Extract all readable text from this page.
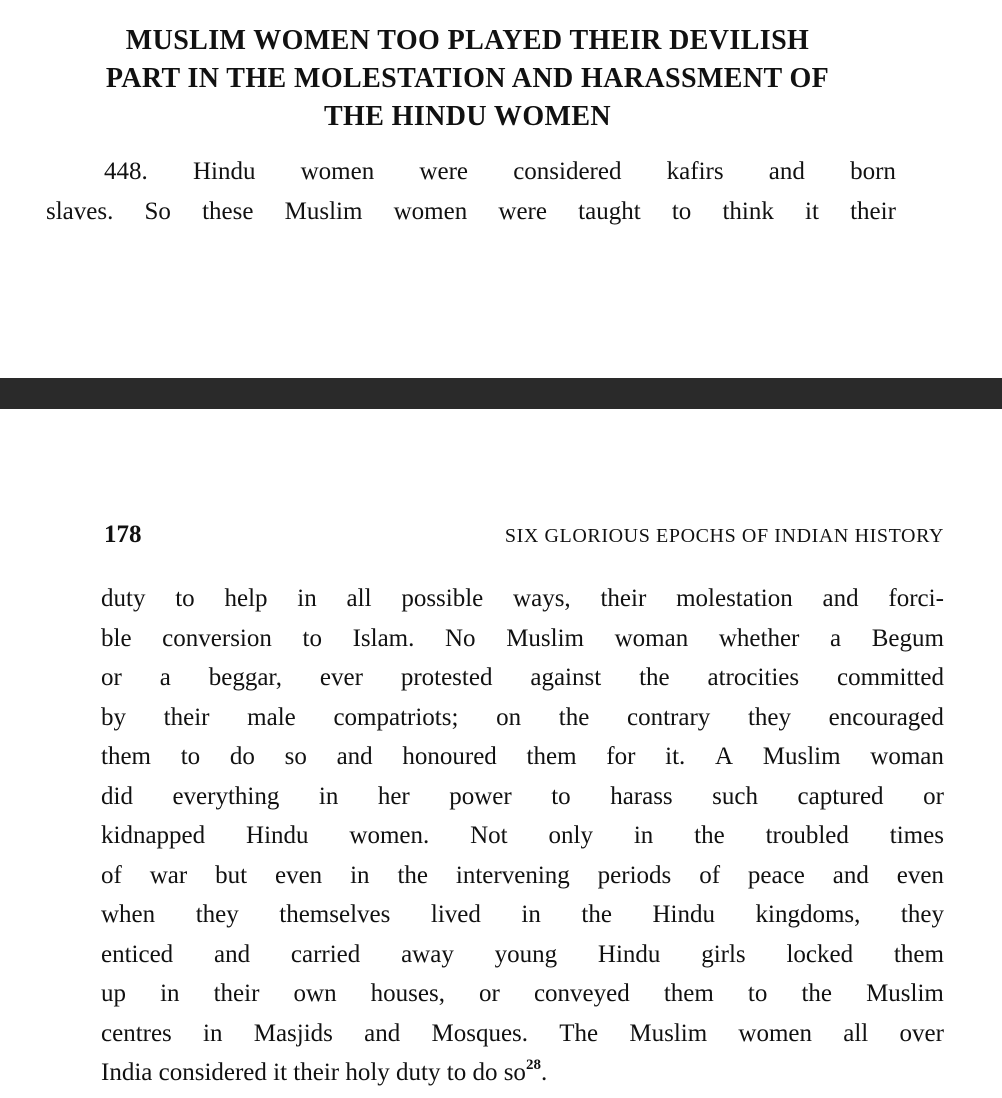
MUSLIM WOMEN TOO PLAYED THEIR DEVILISH
PART IN THE MOLESTATION AND HARASSMENT OF
THE HINDU WOMEN
448. Hindu women were considered kafirs and born
slaves. So these Muslim women were taught to think it their
178	SIX GLORIOUS EPOCHS OF INDIAN HISTORY
duty to help in all possible ways, their molestation and forci-
ble conversion to Islam. No Muslim woman whether a Begum
or a beggar, ever protested against the atrocities committed
by their male compatriots; on the contrary they encouraged
them to do so and honoured them for it. A Muslim woman
did everything in her power to harass such captured or
kidnapped Hindu women. Not only in the troubled times
of war but even in the intervening periods of peace and even
when they themselves lived in the Hindu kingdoms, they
enticed and carried away young Hindu girls locked them
up in their own houses, or conveyed them to the Muslim
centres in Masjids and Mosques. The Muslim women all over
India considered it their holy duty to do so$^{28}$.
